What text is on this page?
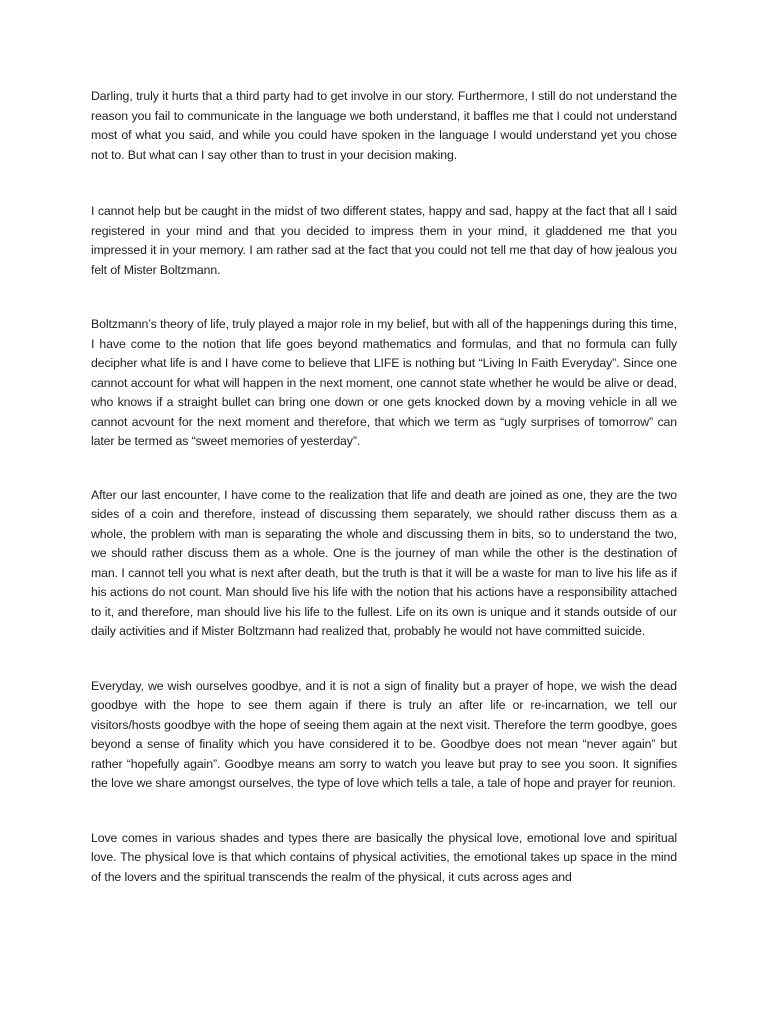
Darling, truly it hurts that a third party had to get involve in our story. Furthermore, I still do not understand the reason you fail to communicate in the language we both understand, it baffles me that I could not understand most of what you said, and while you could have spoken in the language I would understand yet you chose not to. But what can I say other than to trust in your decision making.

I cannot help but be caught in the midst of two different states, happy and sad, happy at the fact that all I said registered in your mind and that you decided to impress them in your mind, it gladdened me that you impressed it in your memory. I am rather sad at the fact that you could not tell me that day of how jealous you felt of Mister Boltzmann.

Boltzmann’s theory of life, truly played a major role in my belief, but with all of the happenings during this time, I have come to the notion that life goes beyond mathematics and formulas, and that no formula can fully decipher what life is and I have come to believe that LIFE is nothing but “Living In Faith Everyday”. Since one cannot account for what will happen in the next moment, one cannot state whether he would be alive or dead, who knows if a straight bullet can bring one down or one gets knocked down by a moving vehicle in all we cannot acvount for the next moment and therefore, that which we term as “ugly surprises of tomorrow” can later be termed as “sweet memories of yesterday”.

After our last encounter, I have come to the realization that life and death are joined as one, they are the two sides of a coin and therefore, instead of discussing them separately, we should rather discuss them as a whole, the problem with man is separating the whole and discussing them in bits, so to understand the two, we should rather discuss them as a whole. One is the journey of man while the other is the destination of man. I cannot tell you what is next after death, but the truth is that it will be a waste for man to live his life as if his actions do not count. Man should live his life with the notion that his actions have a responsibility attached to it, and therefore, man should live his life to the fullest. Life on its own is unique and it stands outside of our daily activities and if Mister Boltzmann had realized that, probably he would not have committed suicide.

Everyday, we wish ourselves goodbye, and it is not a sign of finality but a prayer of hope, we wish the dead goodbye with the hope to see them again if there is truly an after life or re-incarnation, we tell our visitors/hosts goodbye with the hope of seeing them again at the next visit. Therefore the term goodbye, goes beyond a sense of finality which you have considered it to be. Goodbye does not mean “never again” but rather “hopefully again”. Goodbye means am sorry to watch you leave but pray to see you soon. It signifies the love we share amongst ourselves, the type of love which tells a tale, a tale of hope and prayer for reunion.

Love comes in various shades and types there are basically the physical love, emotional love and spiritual love. The physical love is that which contains of physical activities, the emotional takes up space in the mind of the lovers and the spiritual transcends the realm of the physical, it cuts across ages and
